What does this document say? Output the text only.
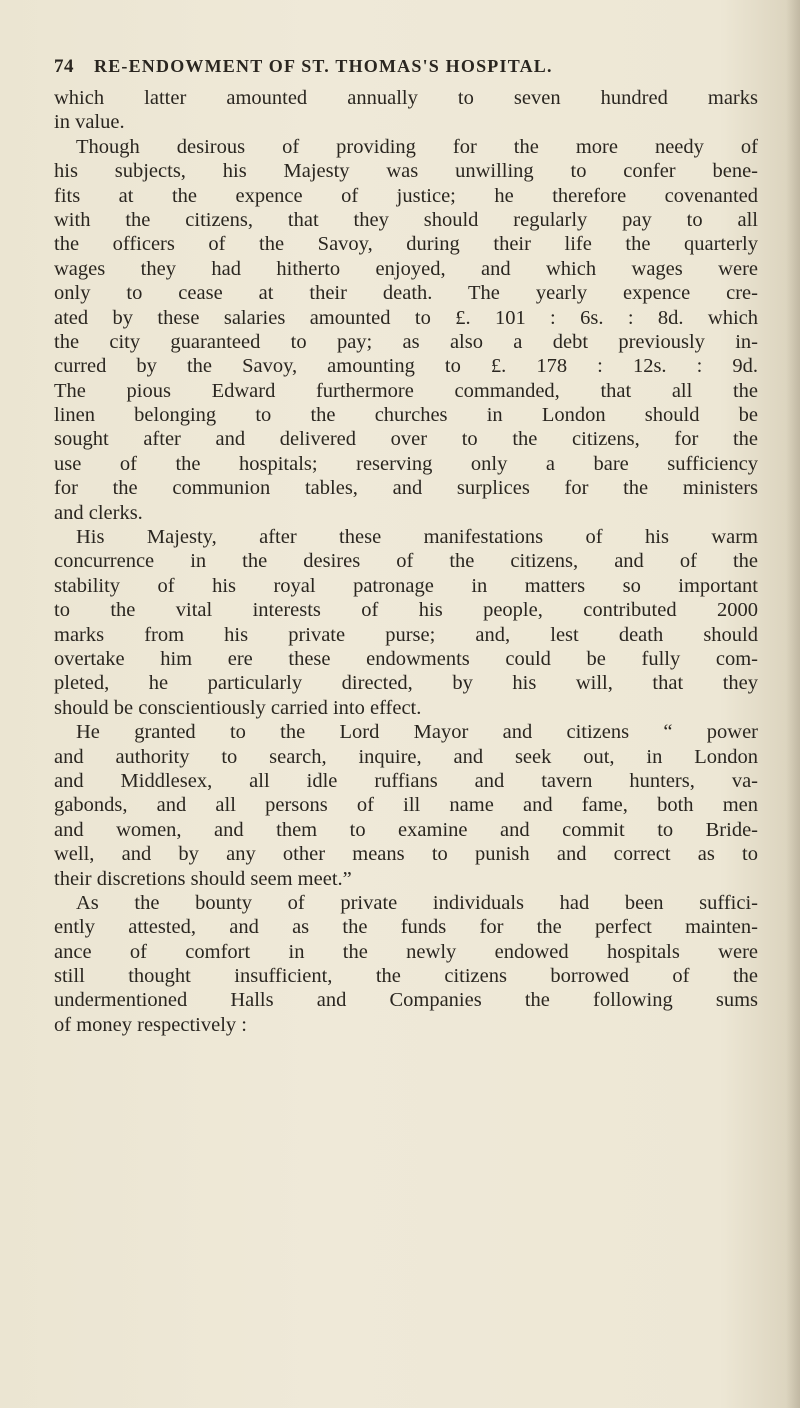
74 RE-ENDOWMENT OF ST. THOMAS'S HOSPITAL.
which latter amounted annually to seven hundred marks
in value.
Though desirous of providing for the more needy of
his subjects, his Majesty was unwilling to confer bene-
fits at the expence of justice; he therefore covenanted
with the citizens, that they should regularly pay to all
the officers of the Savoy, during their life the quarterly
wages they had hitherto enjoyed, and which wages were
only to cease at their death. The yearly expence cre-
ated by these salaries amounted to £. 101 : 6s. : 8d. which
the city guaranteed to pay; as also a debt previously in-
curred by the Savoy, amounting to £. 178 : 12s. : 9d.
The pious Edward furthermore commanded, that all the
linen belonging to the churches in London should be
sought after and delivered over to the citizens, for the
use of the hospitals; reserving only a bare sufficiency
for the communion tables, and surplices for the ministers
and clerks.
His Majesty, after these manifestations of his warm
concurrence in the desires of the citizens, and of the
stability of his royal patronage in matters so important
to the vital interests of his people, contributed 2000
marks from his private purse; and, lest death should
overtake him ere these endowments could be fully com-
pleted, he particularly directed, by his will, that they
should be conscientiously carried into effect.
He granted to the Lord Mayor and citizens “ power
and authority to search, inquire, and seek out, in London
and Middlesex, all idle ruffians and tavern hunters, va-
gabonds, and all persons of ill name and fame, both men
and women, and them to examine and commit to Bride-
well, and by any other means to punish and correct as to
their discretions should seem meet.”
As the bounty of private individuals had been suffici-
ently attested, and as the funds for the perfect mainten-
ance of comfort in the newly endowed hospitals were
still thought insufficient, the citizens borrowed of the
undermentioned Halls and Companies the following sums
of money respectively :
